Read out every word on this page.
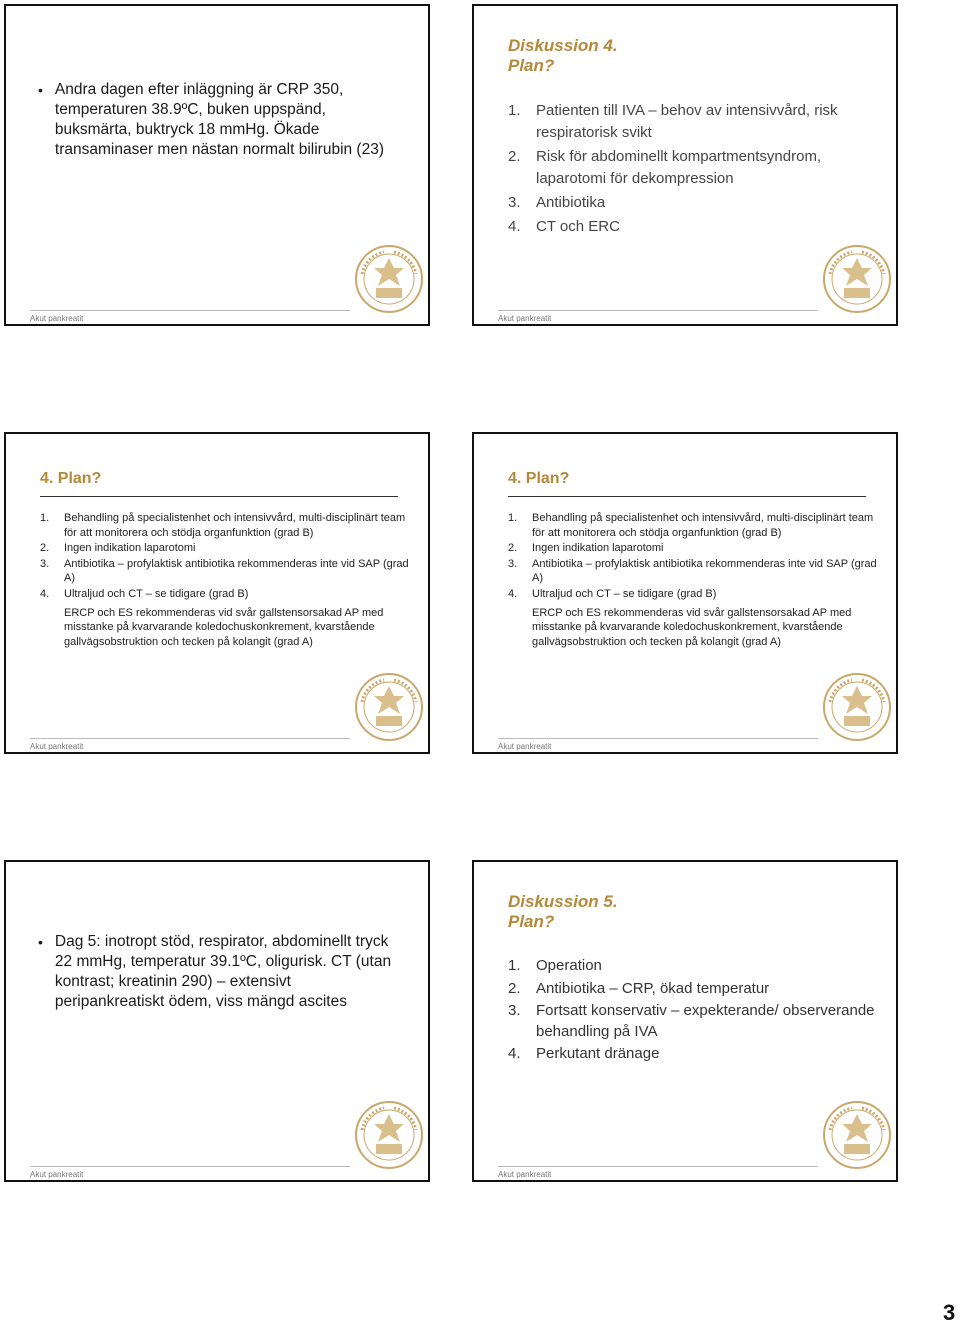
• Andra dagen efter inläggning är CRP 350, temperaturen 38.9ºC, buken uppspänd, buksmärta, buktryck 18 mmHg. Ökade transaminaser men nästan normalt bilirubin (23)
Akut pankreatit
Diskussion 4.
Plan?
1.	Patienten till IVA – behov av intensivvård, risk respiratorisk svikt
2.	Risk för abdominellt kompartmentsyndrom, laparotomi för dekompression
3.	Antibiotika
4.	CT och ERC
Akut pankreatit
4. Plan?
1.	Behandling på specialistenhet och intensivvård, multi-disciplinärt team för att monitorera och stödja organfunktion (grad B)
2.	Ingen indikation laparotomi
3.	Antibiotika – profylaktisk antibiotika rekommenderas inte vid SAP (grad A)
4.	Ultraljud och CT – se tidigare (grad B)
ERCP och ES rekommenderas vid svår gallstensorsakad AP med misstanke på kvarvarande koledochuskonkrement, kvarstående gallvägsobstruktion och tecken på kolangit (grad A)
Akut pankreatit
4. Plan?
1.	Behandling på specialistenhet och intensivvård, multi-disciplinärt team för att monitorera och stödja organfunktion (grad B)
2.	Ingen indikation laparotomi
3.	Antibiotika – profylaktisk antibiotika rekommenderas inte vid SAP (grad A)
4.	Ultraljud och CT – se tidigare (grad B)
ERCP och ES rekommenderas vid svår gallstensorsakad AP med misstanke på kvarvarande koledochuskonkrement, kvarstående gallvägsobstruktion och tecken på kolangit (grad A)
Akut pankreatit
• Dag 5: inotropt stöd, respirator, abdominellt tryck 22 mmHg, temperatur 39.1ºC, oligurisk. CT (utan kontrast; kreatinin 290) – extensivt peripankreatiskt ödem, viss mängd ascites
Akut pankreatit
Diskussion 5.
Plan?
1.	Operation
2.	Antibiotika – CRP, ökad temperatur
3.	Fortsatt konservativ – expekterande/ observerande behandling på IVA
4.	Perkutant dränage
Akut pankreatit
3
